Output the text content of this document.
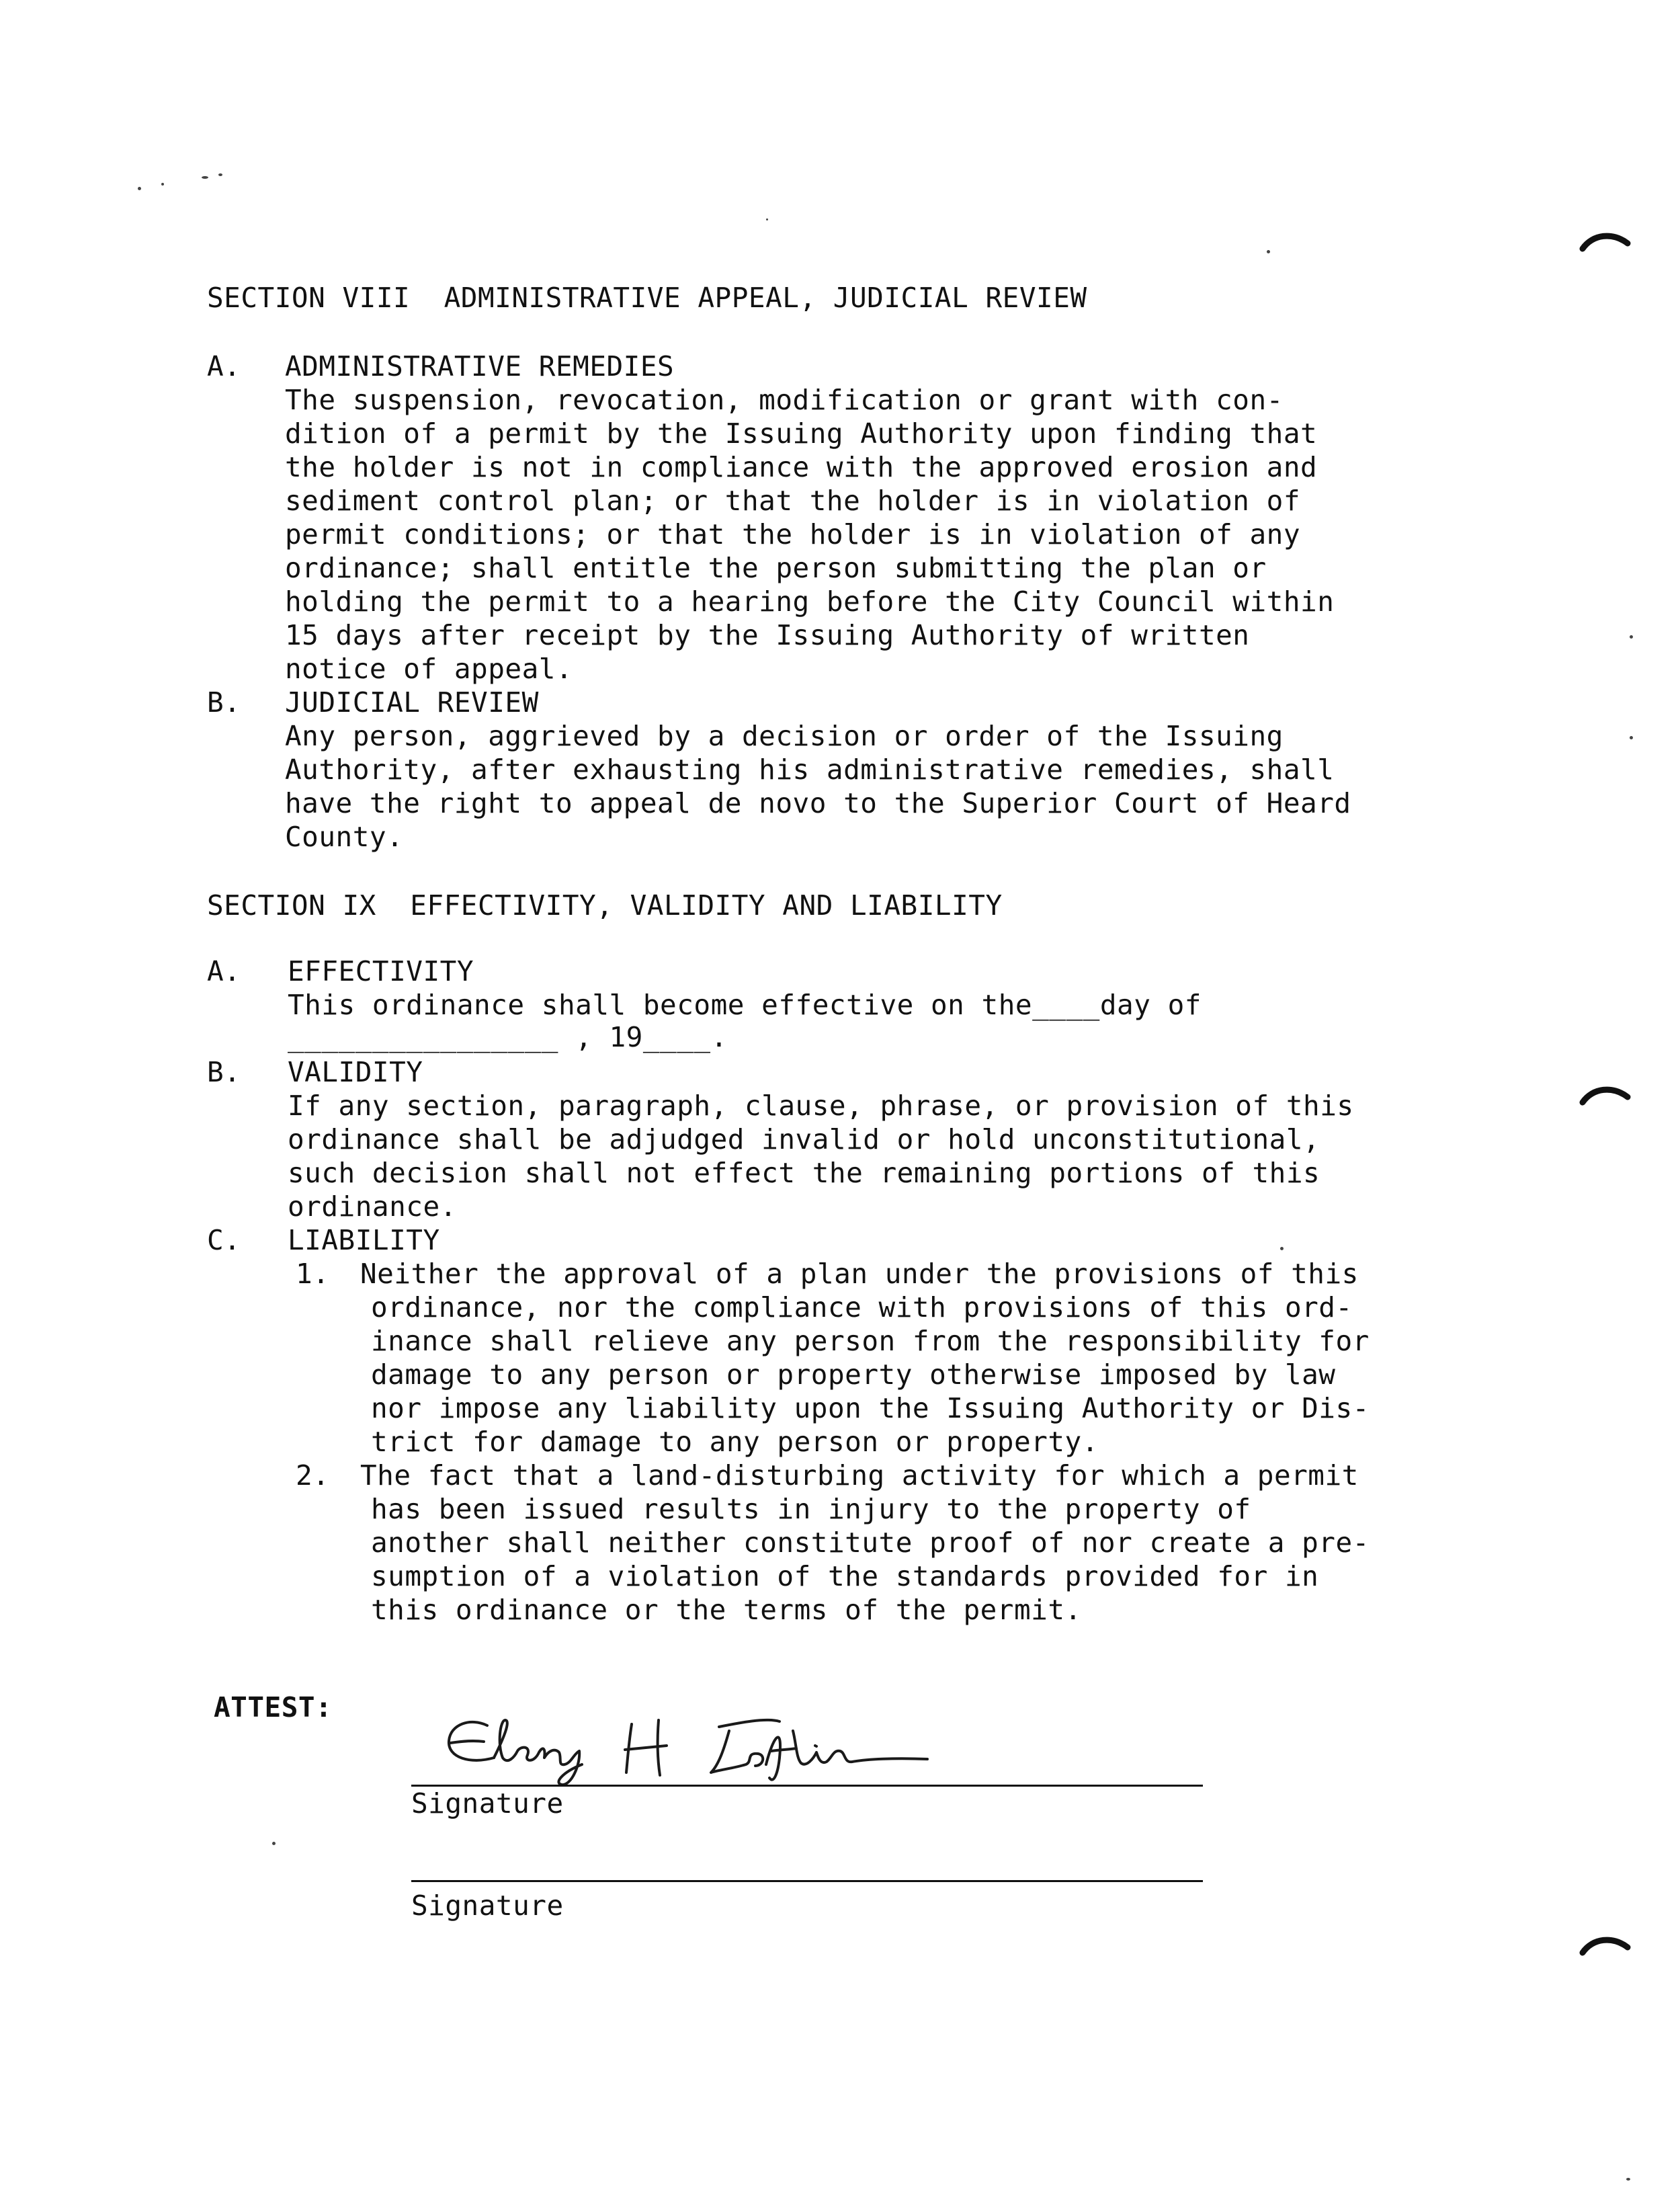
SECTION VIII  ADMINISTRATIVE APPEAL, JUDICIAL REVIEW
A. ADMINISTRATIVE REMEDIES
The suspension, revocation, modification or grant with con-
dition of a permit by the Issuing Authority upon finding that
the holder is not in compliance with the approved erosion and
sediment control plan; or that the holder is in violation of
permit conditions; or that the holder is in violation of any
ordinance; shall entitle the person submitting the plan or
holding the permit to a hearing before the City Council within
15 days after receipt by the Issuing Authority of written
notice of appeal.
B. JUDICIAL REVIEW
Any person, aggrieved by a decision or order of the Issuing
Authority, after exhausting his administrative remedies, shall
have the right to appeal de novo to the Superior Court of Heard
County.
SECTION IX  EFFECTIVITY, VALIDITY AND LIABILITY
A. EFFECTIVITY
This ordinance shall become effective on the____day of
________________ , 19____.
B. VALIDITY
If any section, paragraph, clause, phrase, or provision of this
ordinance shall be adjudged invalid or hold unconstitutional,
such decision shall not effect the remaining portions of this
ordinance.
C. LIABILITY
1. Neither the approval of a plan under the provisions of this
ordinance, nor the compliance with provisions of this ord-
inance shall relieve any person from the responsibility for
damage to any person or property otherwise imposed by law
nor impose any liability upon the Issuing Authority or Dis-
trict for damage to any person or property.
2. The fact that a land-disturbing activity for which a permit
has been issued results in injury to the property of
another shall neither constitute proof of nor create a pre-
sumption of a violation of the standards provided for in
this ordinance or the terms of the permit.
ATTEST:
Signature
Signature
